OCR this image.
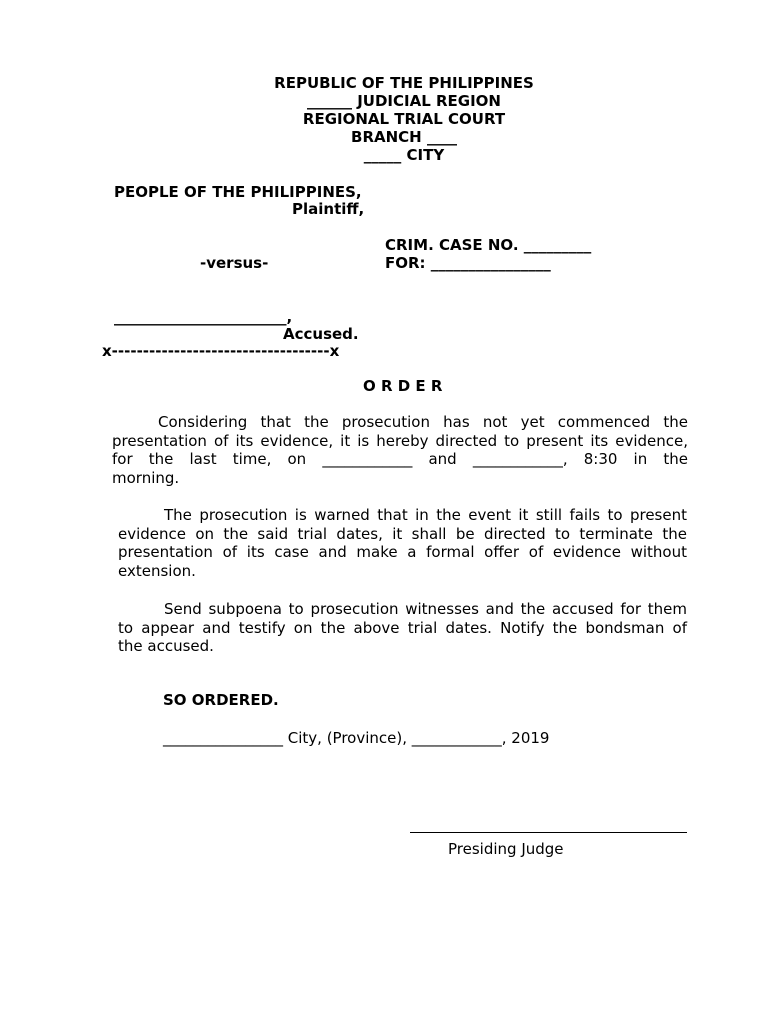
REPUBLIC OF THE PHILIPPINES
______ JUDICIAL REGION
REGIONAL TRIAL COURT
BRANCH ____
_____ CITY
PEOPLE OF THE PHILIPPINES,
Plaintiff,
CRIM. CASE NO. _________
-versus-	FOR: ________________
_______________________,
Accused.
x-----------------------------------x
O R D E R
Considering that the prosecution has not yet commenced the
presentation of its evidence, it is hereby directed to present its evidence,
for the last time, on ____________ and ____________, 8:30 in the
morning.
The prosecution is warned that in the event it still fails to present
evidence on the said trial dates, it shall be directed to terminate the
presentation of its case and make a formal offer of evidence without
extension.
Send subpoena to prosecution witnesses and the accused for them
to appear and testify on the above trial dates. Notify the bondsman of
the accused.
SO ORDERED.
________________ City, (Province), ____________, 2019
Presiding Judge
